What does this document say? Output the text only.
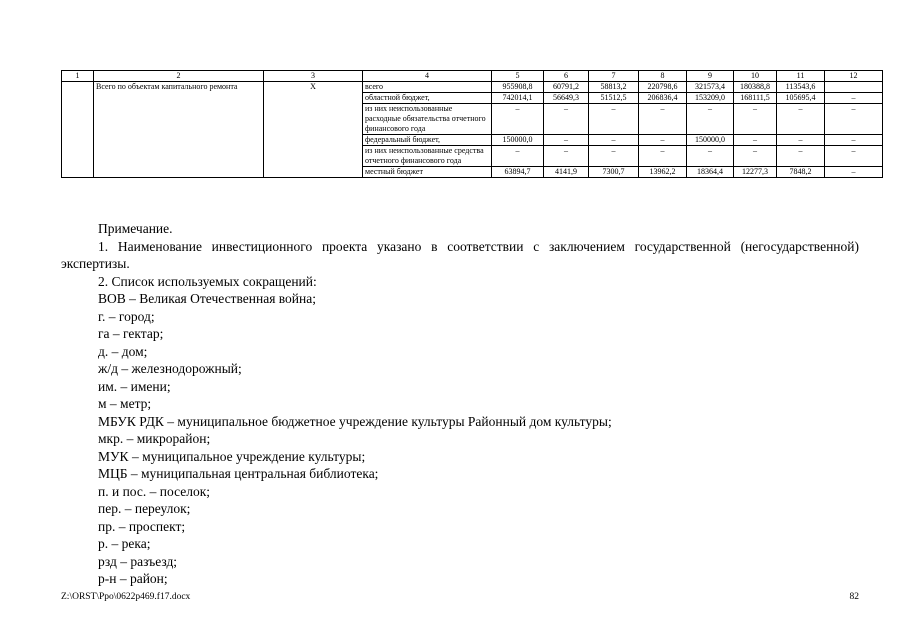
1	2	3	4	5	6	7	8	9	10	11	12
	Всего по объектам капитального ремонта	X	всего	955908,8	60791,2	58813,2	220798,6	321573,4	180388,8	113543,6	
			областной бюджет,	742014,1	56649,3	51512,5	206836,4	153209,0	168111,5	105695,4	–
			из них неиспользованные расходные обязательства отчетного финансового года	–	–	–	–	–	–	–	–
			федеральный бюджет,	150000,0	–	–	–	150000,0	–	–	–
			из них неиспользованные средства отчетного финансового года	–	–	–	–	–	–	–	–
			местный бюджет	63894,7	4141,9	7300,7	13962,2	18364,4	12277,3	7848,2	–

Примечание.

1. Наименование инвестиционного проекта указано в соответствии с заключением государственной (негосударственной) экспертизы.

2. Список используемых сокращений:

ВОВ – Великая Отечественная война;

г. – город;

га – гектар;

д. – дом;

ж/д – железнодорожный;

им. – имени;

м – метр;

МБУК РДК – муниципальное бюджетное учреждение культуры Районный дом культуры;

мкр. – микрорайон;

МУК – муниципальное учреждение культуры;

МЦБ – муниципальная центральная библиотека;

п. и пос. – поселок;

пер. – переулок;

пр. – проспект;

р. – река;

рзд – разъезд;

р-н – район;

Z:\ORST\Ppo\0622p469.f17.docx	82
